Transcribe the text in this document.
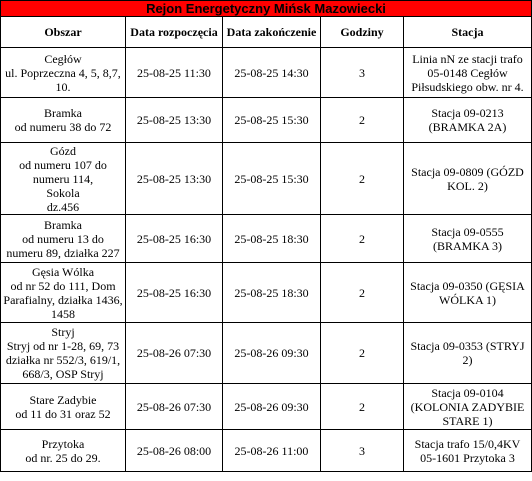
Rejon Energetyczny Mińsk Mazowiecki				
Obszar	Data rozpoczęcia	Data zakończenie	Godziny	Stacja

Cegłów
ul. Poprzeczna 4, 5, 8,7,
10.	25-08-25 11:30	25-08-25 14:30	3	Linia nN ze stacji trafo
05-0148 Cegłów
Piłsudskiego obw. nr 4.

Bramka
od numeru 38 do 72	25-08-25 13:30	25-08-25 15:30	2	Stacja 09-0213
(BRAMKA 2A)

Gózd
od numeru 107 do
numeru 114,
Sokola
dz.456	25-08-25 13:30	25-08-25 15:30	2	Stacja 09-0809 (GÓZD
KOL. 2)

Bramka
od numeru 13 do
numeru 89, działka 227	25-08-25 16:30	25-08-25 18:30	2	Stacja 09-0555
(BRAMKA 3)

Gęsia Wólka
od nr 52 do 111, Dom
Parafialny, działka 1436,
1458	25-08-25 16:30	25-08-25 18:30	2	Stacja 09-0350 (GĘSIA
WÓLKA 1)

Stryj
Stryj od nr 1-28, 69, 73
działka nr 552/3, 619/1,
668/3, OSP Stryj	25-08-26 07:30	25-08-26 09:30	2	Stacja 09-0353 (STRYJ
2)

Stare Zadybie
od 11 do 31 oraz 52	25-08-26 07:30	25-08-26 09:30	2	Stacja 09-0104
(KOLONIA ZADYBIE
STARE 1)

Przytoka
od nr. 25 do 29.	25-08-26 08:00	25-08-26 11:00	3	Stacja trafo 15/0,4KV
05-1601 Przytoka 3
